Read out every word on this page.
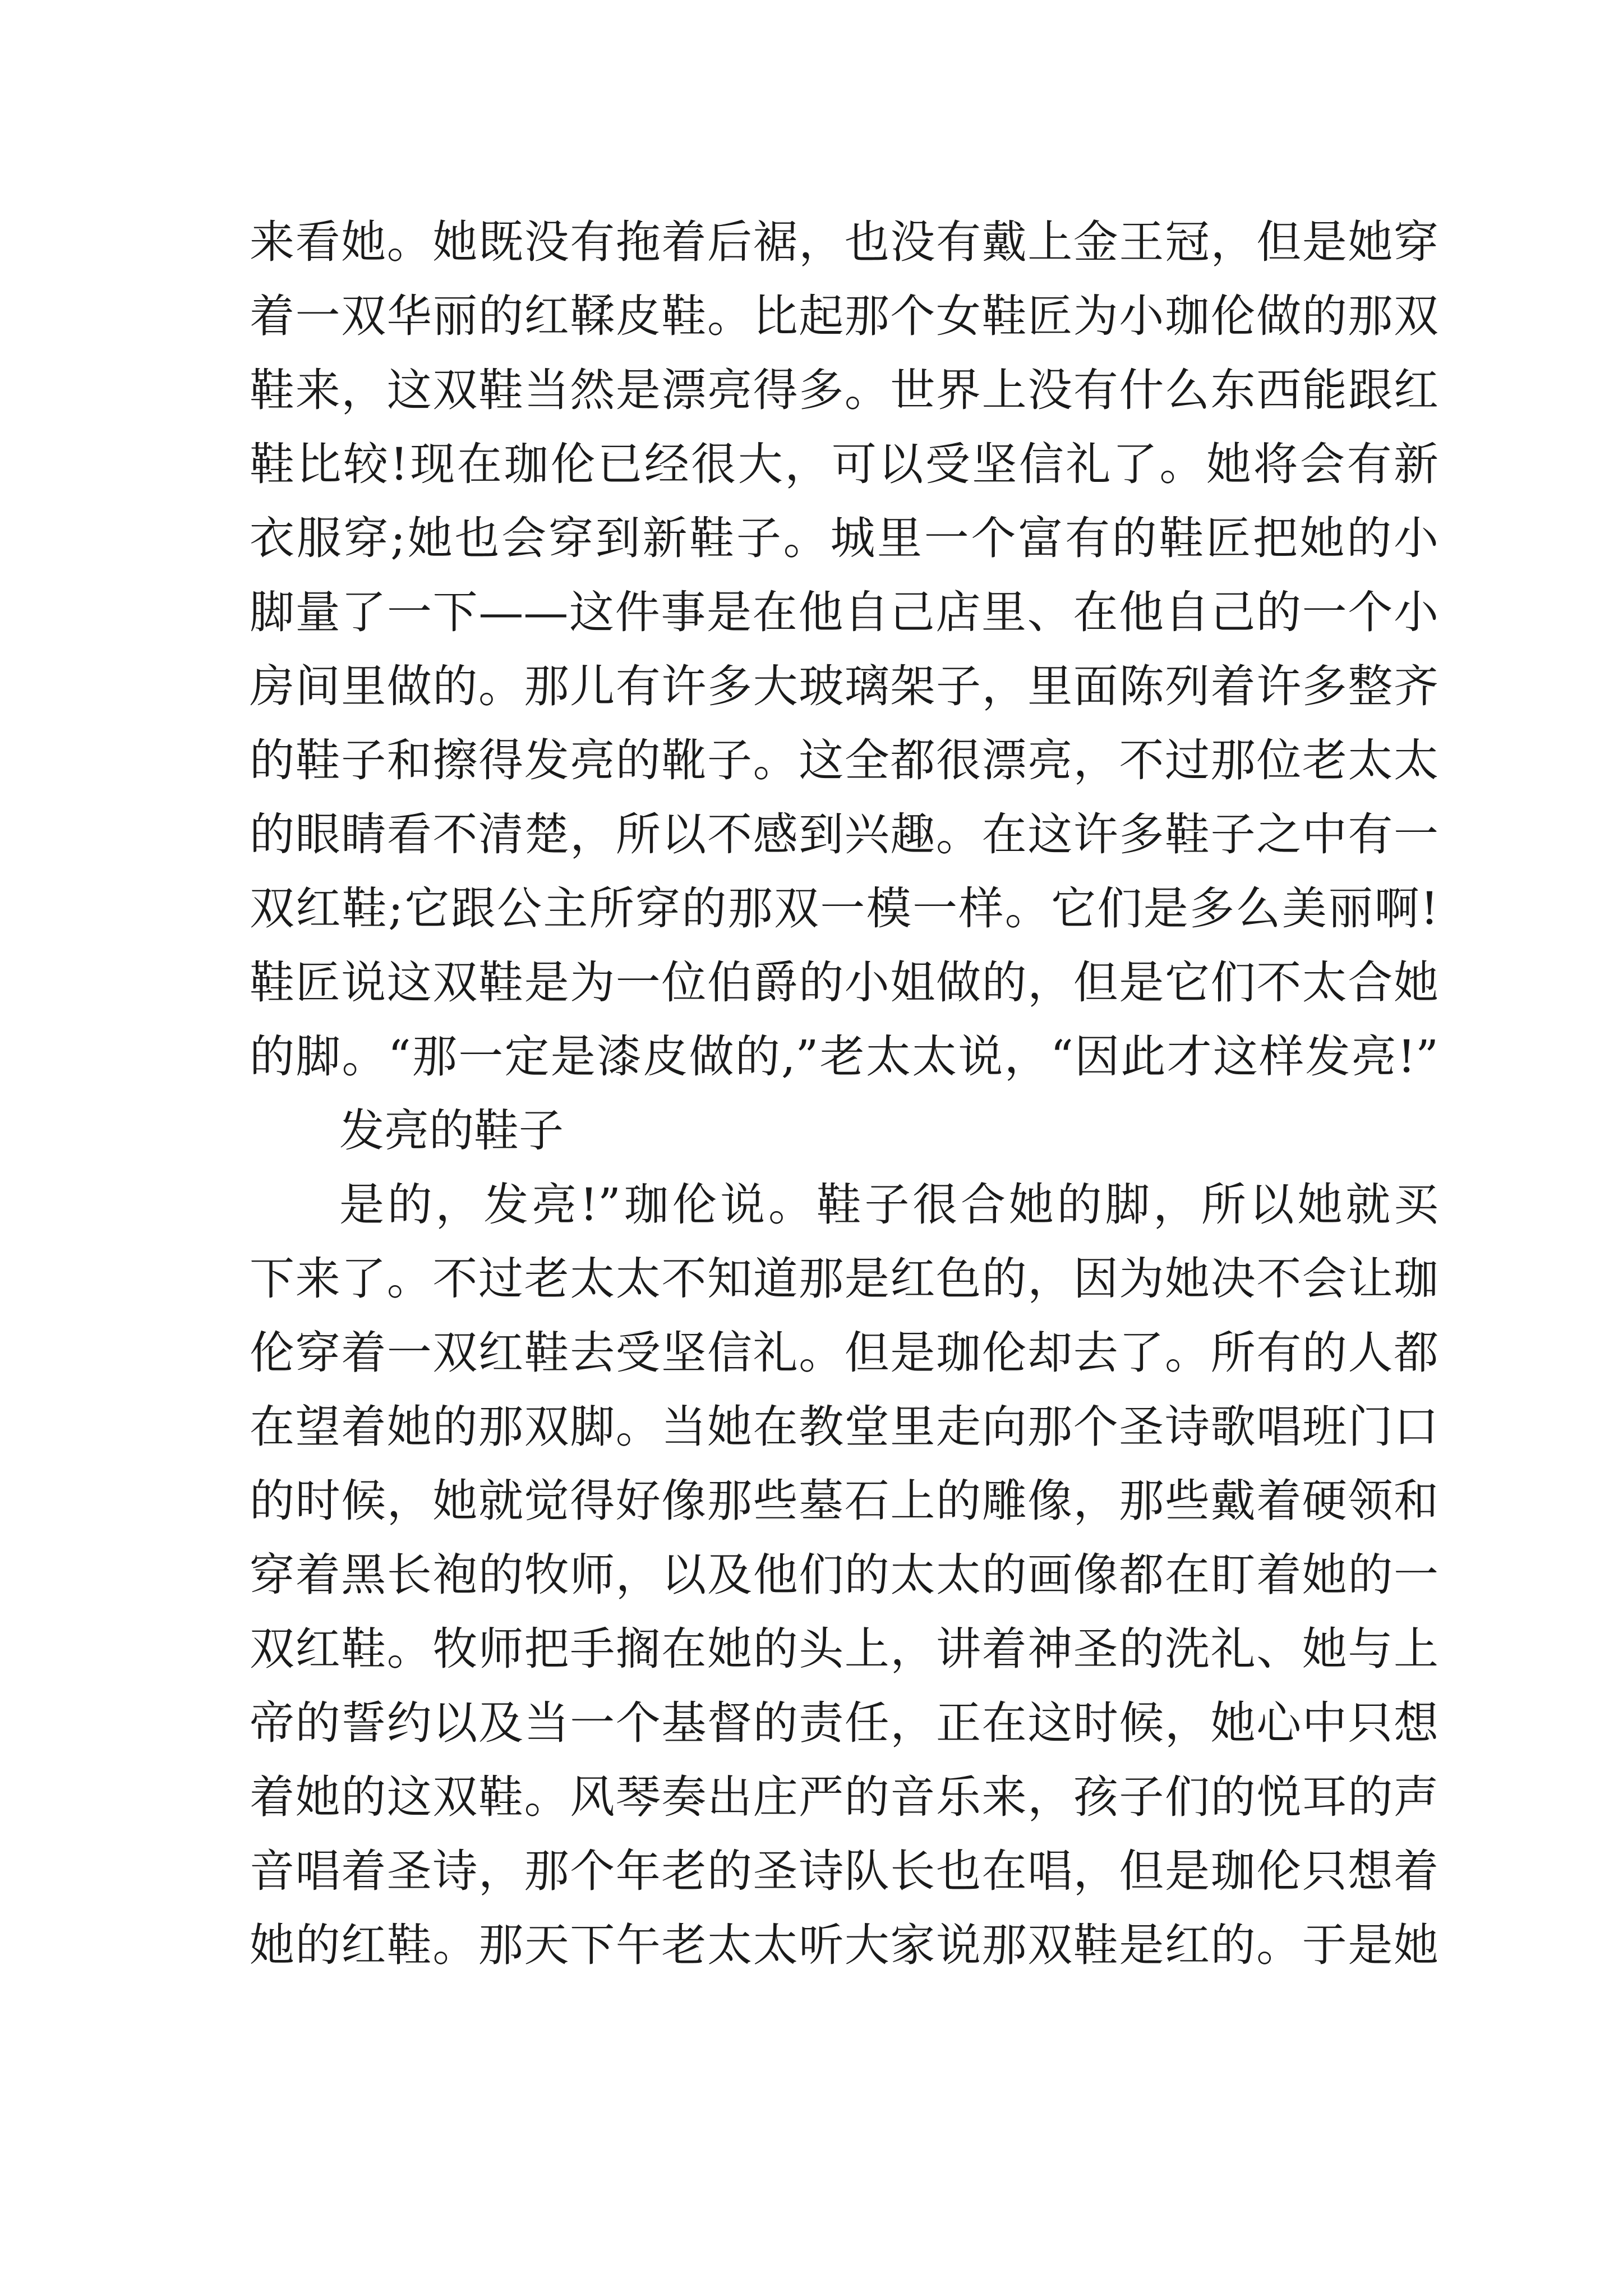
来看她。她既没有拖着后裾，也没有戴上金王冠，但是她穿
着一双华丽的红鞣皮鞋。比起那个女鞋匠为小珈伦做的那双
鞋来，这双鞋当然是漂亮得多。世界上没有什么东西能跟红
鞋比较!现在珈伦已经很大，可以受坚信礼了。她将会有新
衣服穿;她也会穿到新鞋子。城里一个富有的鞋匠把她的小
脚量了一下——这件事是在他自己店里、在他自己的一个小
房间里做的。那儿有许多大玻璃架子，里面陈列着许多整齐
的鞋子和擦得发亮的靴子。这全都很漂亮，不过那位老太太
的眼睛看不清楚，所以不感到兴趣。在这许多鞋子之中有一
双红鞋;它跟公主所穿的那双一模一样。它们是多么美丽啊!
鞋匠说这双鞋是为一位伯爵的小姐做的，但是它们不太合她
的脚。“那一定是漆皮做的,”老太太说，“因此才这样发亮!”
发亮的鞋子
是的，发亮!”珈伦说。鞋子很合她的脚，所以她就买
下来了。不过老太太不知道那是红色的，因为她决不会让珈
伦穿着一双红鞋去受坚信礼。但是珈伦却去了。所有的人都
在望着她的那双脚。当她在教堂里走向那个圣诗歌唱班门口
的时候，她就觉得好像那些墓石上的雕像，那些戴着硬领和
穿着黑长袍的牧师，以及他们的太太的画像都在盯着她的一
双红鞋。牧师把手搁在她的头上，讲着神圣的洗礼、她与上
帝的誓约以及当一个基督的责任，正在这时候，她心中只想
着她的这双鞋。风琴奏出庄严的音乐来，孩子们的悦耳的声
音唱着圣诗，那个年老的圣诗队长也在唱，但是珈伦只想着
她的红鞋。那天下午老太太听大家说那双鞋是红的。于是她
